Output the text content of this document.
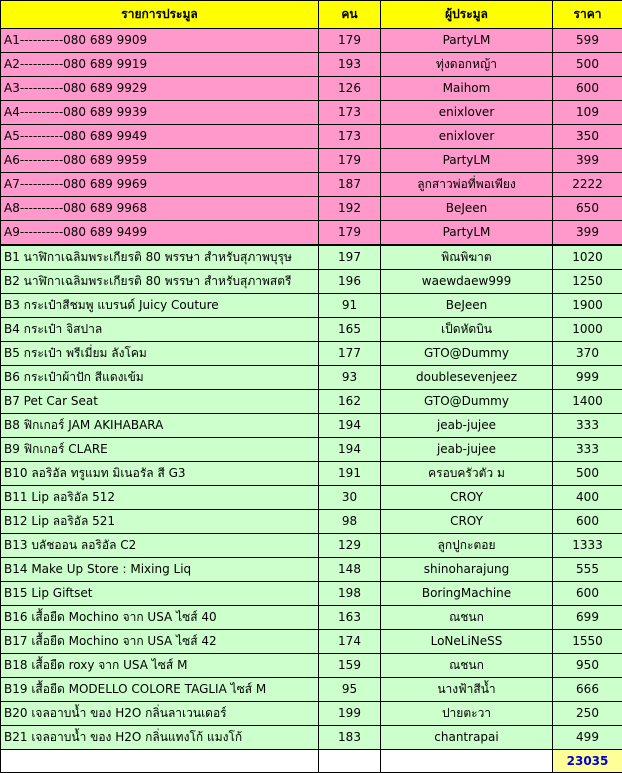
รายการประมูล	คน	ผู้ประมูล	ราคา
A1----------080 689 9909	179	PartyLM	599
A2----------080 689 9919	193	ทุ่งดอกหญ้า	500
A3----------080 689 9929	126	Maihom	600
A4----------080 689 9939	173	enixlover	109
A5----------080 689 9949	173	enixlover	350
A6----------080 689 9959	179	PartyLM	399
A7----------080 689 9969	187	ลูกสาวพ่อที่พอเพียง	2222
A8----------080 689 9968	192	BeJeen	650
A9----------080 689 9499	179	PartyLM	399
B1 นาฬิกาเฉลิมพระเกียรติ 80 พรรษา สำหรับสุภาพบุรุษ	197	พิณพิฆาต	1020
B2 นาฬิกาเฉลิมพระเกียรติ 80 พรรษา สำหรับสุภาพสตรี	196	waewdaew999	1250
B3 กระเป๋าสีชมพู แบรนด์ Juicy Couture	91	BeJeen	1900
B4 กระเป๋า จิสปาล	165	เป็ดหัดบิน	1000
B5 กระเป๋า พรีเมี่ยม ลังโคม	177	GTO@Dummy	370
B6 กระเป๋าผ้าปัก สีแดงเข้ม	93	doublesevenjeez	999
B7 Pet Car Seat	162	GTO@Dummy	1400
B8 ฟิกเกอร์ JAM AKIHABARA	194	jeab-jujee	333
B9 ฟิกเกอร์ CLARE	194	jeab-jujee	333
B10 ลอริอัล ทรูแมท มิเนอรัล สี G3	191	ครอบครัวตัว ม	500
B11 Lip ลอริอัล 512	30	CROY	400
B12 Lip ลอริอัล 521	98	CROY	600
B13 บลัชออน ลอริอัล C2	129	ลูกปูกะตอย	1333
B14 Make Up Store : Mixing Liq	148	shinoharajung	555
B15 Lip Giftset	198	BoringMachine	600
B16 เสื้อยืด Mochino จาก USA ไซส์ 40	163	ณชนก	699
B17 เสื้อยืด Mochino จาก USA ไซส์ 42	174	LoNeLiNeSS	1550
B18 เสื้อยืด roxy จาก USA ไซส์ M	159	ณชนก	950
B19 เสื้อยืด MODELLO COLORE TAGLIA ไซส์ M	95	นางฟ้าสีน้ำ	666
B20 เจลอาบน้ำ ของ H2O กลิ่นลาเวนเดอร์	199	ปายตะวา	250
B21 เจลอาบน้ำ ของ H2O กลิ่นแทงโก้ แมงโก้	183	chantrapai	499
			23035
